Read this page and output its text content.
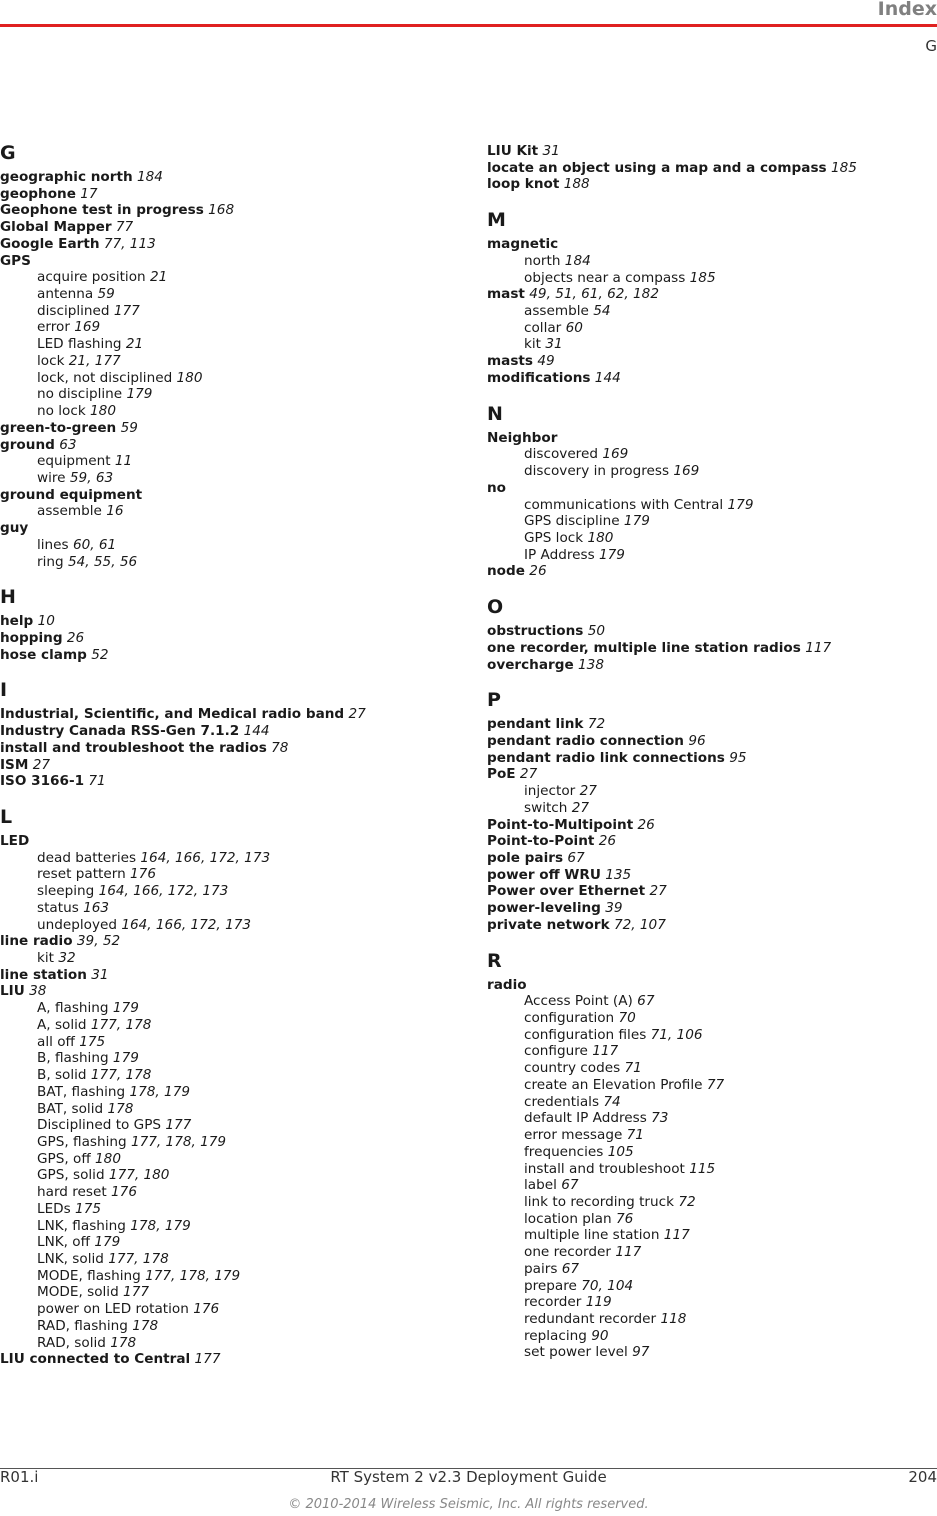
Index
G
G
geographic north 184
geophone 17
Geophone test in progress 168
Global Mapper 77
Google Earth 77, 113
GPS
acquire position 21
antenna 59
disciplined 177
error 169
LED flashing 21
lock 21, 177
lock, not disciplined 180
no discipline 179
no lock 180
green-to-green 59
ground 63
equipment 11
wire 59, 63
ground equipment
assemble 16
guy
lines 60, 61
ring 54, 55, 56
H
help 10
hopping 26
hose clamp 52
I
Industrial, Scientific, and Medical radio band 27
Industry Canada RSS-Gen 7.1.2 144
install and troubleshoot the radios 78
ISM 27
ISO 3166-1 71
L
LED
dead batteries 164, 166, 172, 173
reset pattern 176
sleeping 164, 166, 172, 173
status 163
undeployed 164, 166, 172, 173
line radio 39, 52
kit 32
line station 31
LIU 38
A, flashing 179
A, solid 177, 178
all off 175
B, flashing 179
B, solid 177, 178
BAT, flashing 178, 179
BAT, solid 178
Disciplined to GPS 177
GPS, flashing 177, 178, 179
GPS, off 180
GPS, solid 177, 180
hard reset 176
LEDs 175
LNK, flashing 178, 179
LNK, off 179
LNK, solid 177, 178
MODE, flashing 177, 178, 179
MODE, solid 177
power on LED rotation 176
RAD, flashing 178
RAD, solid 178
LIU connected to Central 177
LIU Kit 31
locate an object using a map and a compass 185
loop knot 188
M
magnetic
north 184
objects near a compass 185
mast 49, 51, 61, 62, 182
assemble 54
collar 60
kit 31
masts 49
modifications 144
N
Neighbor
discovered 169
discovery in progress 169
no
communications with Central 179
GPS discipline 179
GPS lock 180
IP Address 179
node 26
O
obstructions 50
one recorder, multiple line station radios 117
overcharge 138
P
pendant link 72
pendant radio connection 96
pendant radio link connections 95
PoE 27
injector 27
switch 27
Point-to-Multipoint 26
Point-to-Point 26
pole pairs 67
power off WRU 135
Power over Ethernet 27
power-leveling 39
private network 72, 107
R
radio
Access Point (A) 67
configuration 70
configuration files 71, 106
configure 117
country codes 71
create an Elevation Profile 77
credentials 74
default IP Address 73
error message 71
frequencies 105
install and troubleshoot 115
label 67
link to recording truck 72
location plan 76
multiple line station 117
one recorder 117
pairs 67
prepare 70, 104
recorder 119
redundant recorder 118
replacing 90
set power level 97
R01.i	RT System 2 v2.3 Deployment Guide	204
© 2010-2014 Wireless Seismic, Inc. All rights reserved.
